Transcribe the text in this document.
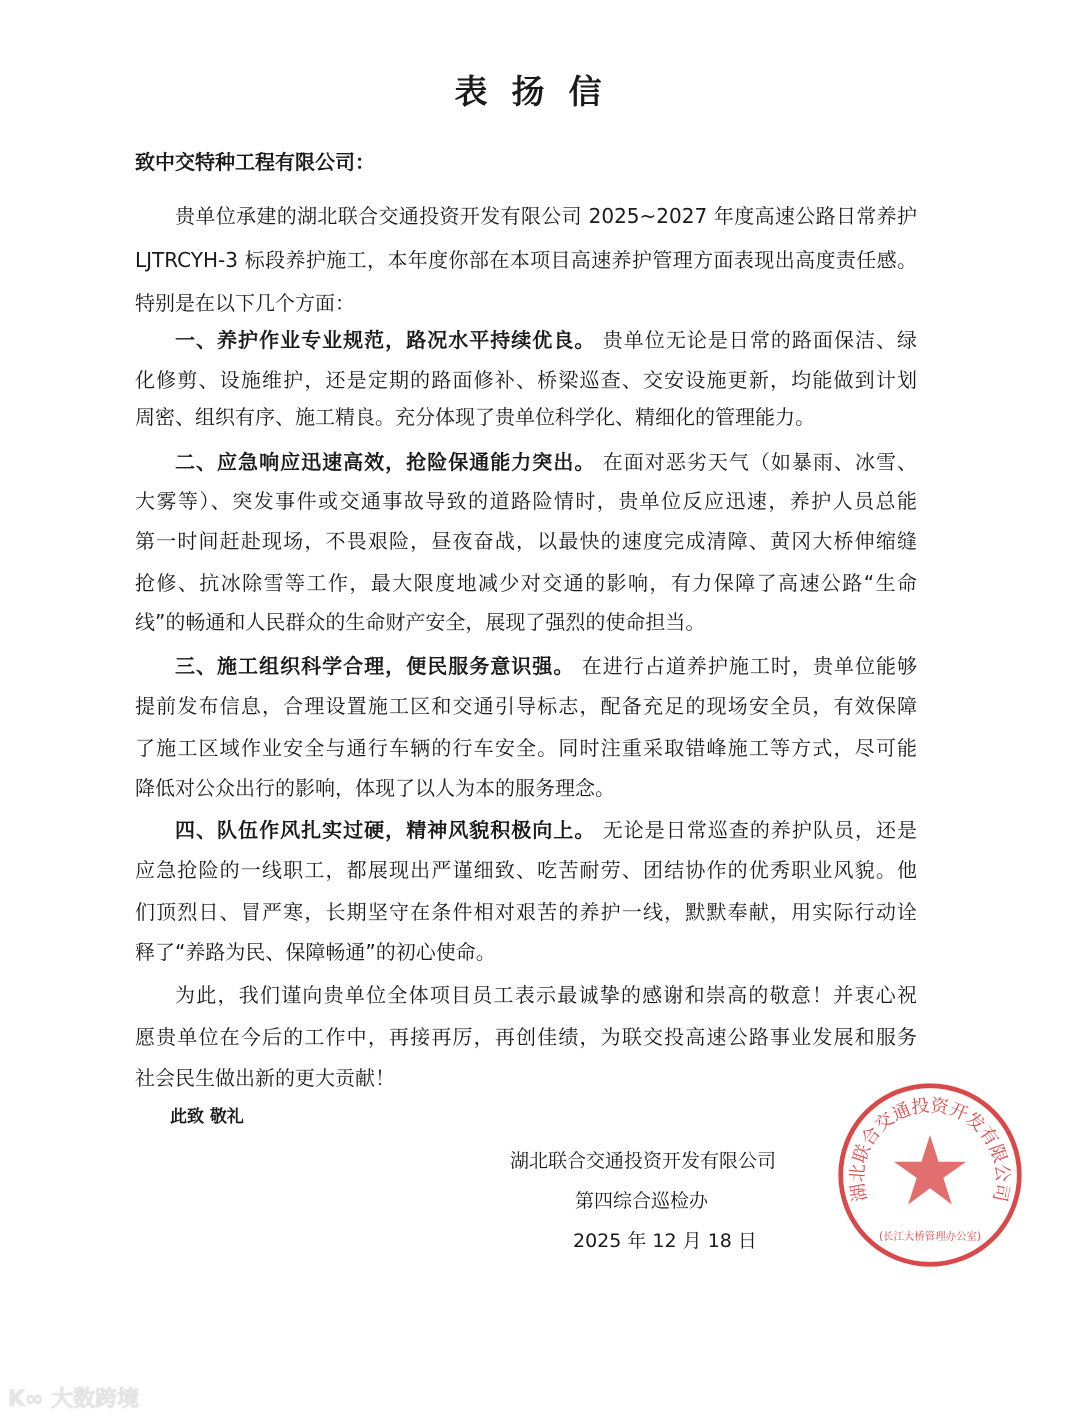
表扬信
致中交特种工程有限公司：
贵单位承建的湖北联合交通投资开发有限公司 2025~2027 年度高速公路日常养护
LJTRCYH-3 标段养护施工，本年度你部在本项目高速养护管理方面表现出高度责任感。
特别是在以下几个方面：
一、养护作业专业规范，路况水平持续优良。 贵单位无论是日常的路面保洁、绿
化修剪、设施维护，还是定期的路面修补、桥梁巡查、交安设施更新，均能做到计划
周密、组织有序、施工精良。充分体现了贵单位科学化、精细化的管理能力。
二、应急响应迅速高效，抢险保通能力突出。 在面对恶劣天气（如暴雨、冰雪、
大雾等）、突发事件或交通事故导致的道路险情时，贵单位反应迅速，养护人员总能
第一时间赶赴现场，不畏艰险，昼夜奋战，以最快的速度完成清障、黄冈大桥伸缩缝
抢修、抗冰除雪等工作，最大限度地减少对交通的影响，有力保障了高速公路“生命
线”的畅通和人民群众的生命财产安全，展现了强烈的使命担当。
三、施工组织科学合理，便民服务意识强。 在进行占道养护施工时，贵单位能够
提前发布信息，合理设置施工区和交通引导标志，配备充足的现场安全员，有效保障
了施工区域作业安全与通行车辆的行车安全。同时注重采取错峰施工等方式，尽可能
降低对公众出行的影响，体现了以人为本的服务理念。
四、队伍作风扎实过硬，精神风貌积极向上。 无论是日常巡查的养护队员，还是
应急抢险的一线职工，都展现出严谨细致、吃苦耐劳、团结协作的优秀职业风貌。他
们顶烈日、冒严寒，长期坚守在条件相对艰苦的养护一线，默默奉献，用实际行动诠
释了“养路为民、保障畅通”的初心使命。
为此，我们谨向贵单位全体项目员工表示最诚挚的感谢和崇高的敬意！并衷心祝
愿贵单位在今后的工作中，再接再厉，再创佳绩，为联交投高速公路事业发展和服务
社会民生做出新的更大贡献！
此致 敬礼
湖北联合交通投资开发有限公司
(长江大桥管理办公室)
湖北联合交通投资开发有限公司
第四综合巡检办
2025 年 12 月 18 日
K∞ 大数跨境
